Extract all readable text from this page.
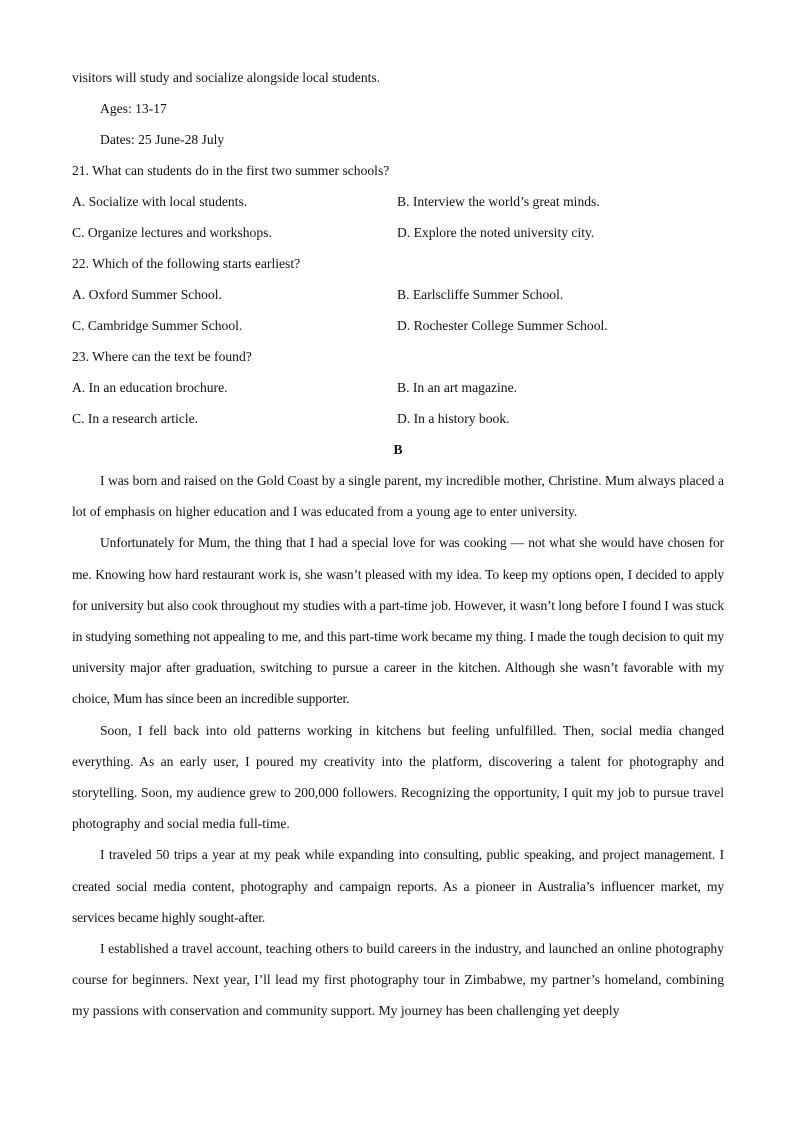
visitors will study and socialize alongside local students.
Ages: 13-17
Dates: 25 June-28 July
21. What can students do in the first two summer schools?
A. Socialize with local students.	B. Interview the world’s great minds.
C. Organize lectures and workshops.	D. Explore the noted university city.
22. Which of the following starts earliest?
A. Oxford Summer School.	B. Earlscliffe Summer School.
C. Cambridge Summer School.	D. Rochester College Summer School.
23. Where can the text be found?
A. In an education brochure.	B. In an art magazine.
C. In a research article.	D. In a history book.
B

I was born and raised on the Gold Coast by a single parent, my incredible mother, Christine. Mum always placed a lot of emphasis on higher education and I was educated from a young age to enter university.

Unfortunately for Mum, the thing that I had a special love for was cooking — not what she would have chosen for me. Knowing how hard restaurant work is, she wasn’t pleased with my idea. To keep my options open, I decided to apply for university but also cook throughout my studies with a part-time job. However, it wasn’t long before I found I was stuck in studying something not appealing to me, and this part-time work became my thing. I made the tough decision to quit my university major after graduation, switching to pursue a career in the kitchen. Although she wasn’t favorable with my choice, Mum has since been an incredible supporter.

Soon, I fell back into old patterns working in kitchens but feeling unfulfilled. Then, social media changed everything. As an early user, I poured my creativity into the platform, discovering a talent for photography and storytelling. Soon, my audience grew to 200,000 followers. Recognizing the opportunity, I quit my job to pursue travel photography and social media full-time.

I traveled 50 trips a year at my peak while expanding into consulting, public speaking, and project management. I created social media content, photography and campaign reports. As a pioneer in Australia’s influencer market, my services became highly sought-after.

I established a travel account, teaching others to build careers in the industry, and launched an online photography course for beginners. Next year, I’ll lead my first photography tour in Zimbabwe, my partner’s homeland, combining my passions with conservation and community support. My journey has been challenging yet deeply
